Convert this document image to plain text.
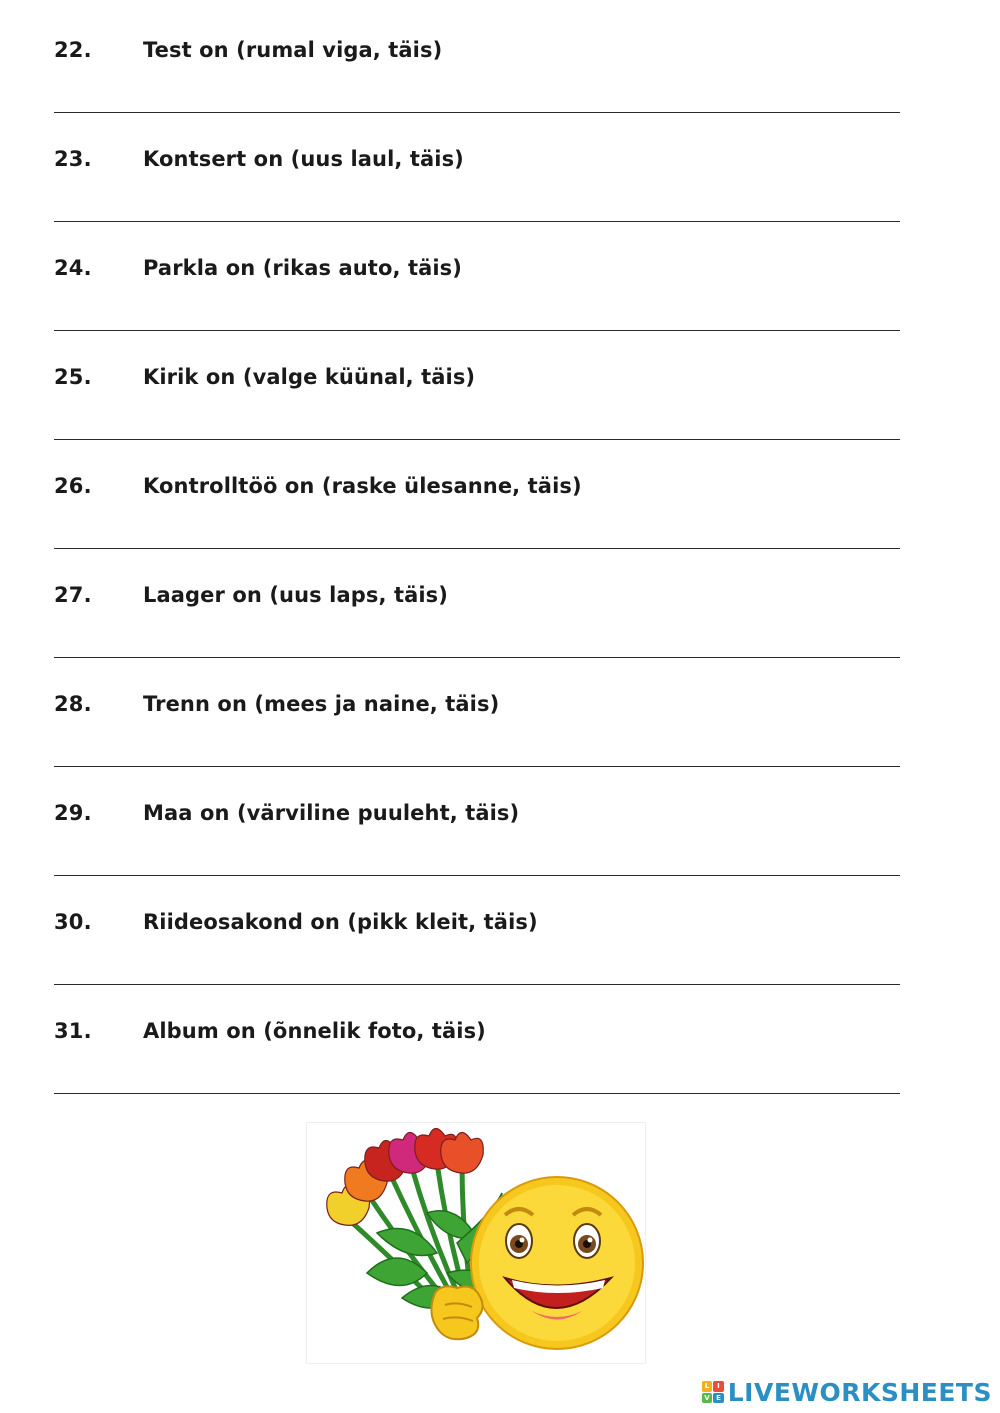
22. Test on (rumal viga, täis)
23. Kontsert on (uus laul, täis)
24. Parkla on (rikas auto, täis)
25. Kirik on (valge küünal, täis)
26. Kontrolltöö on (raske ülesanne, täis)
27. Laager on (uus laps, täis)
28. Trenn on (mees ja naine, täis)
29. Maa on (värviline puuleht, täis)
30. Riideosakond on (pikk kleit, täis)
31. Album on (õnnelik foto, täis)
L	I
V E LIVEWORKSHEETS
